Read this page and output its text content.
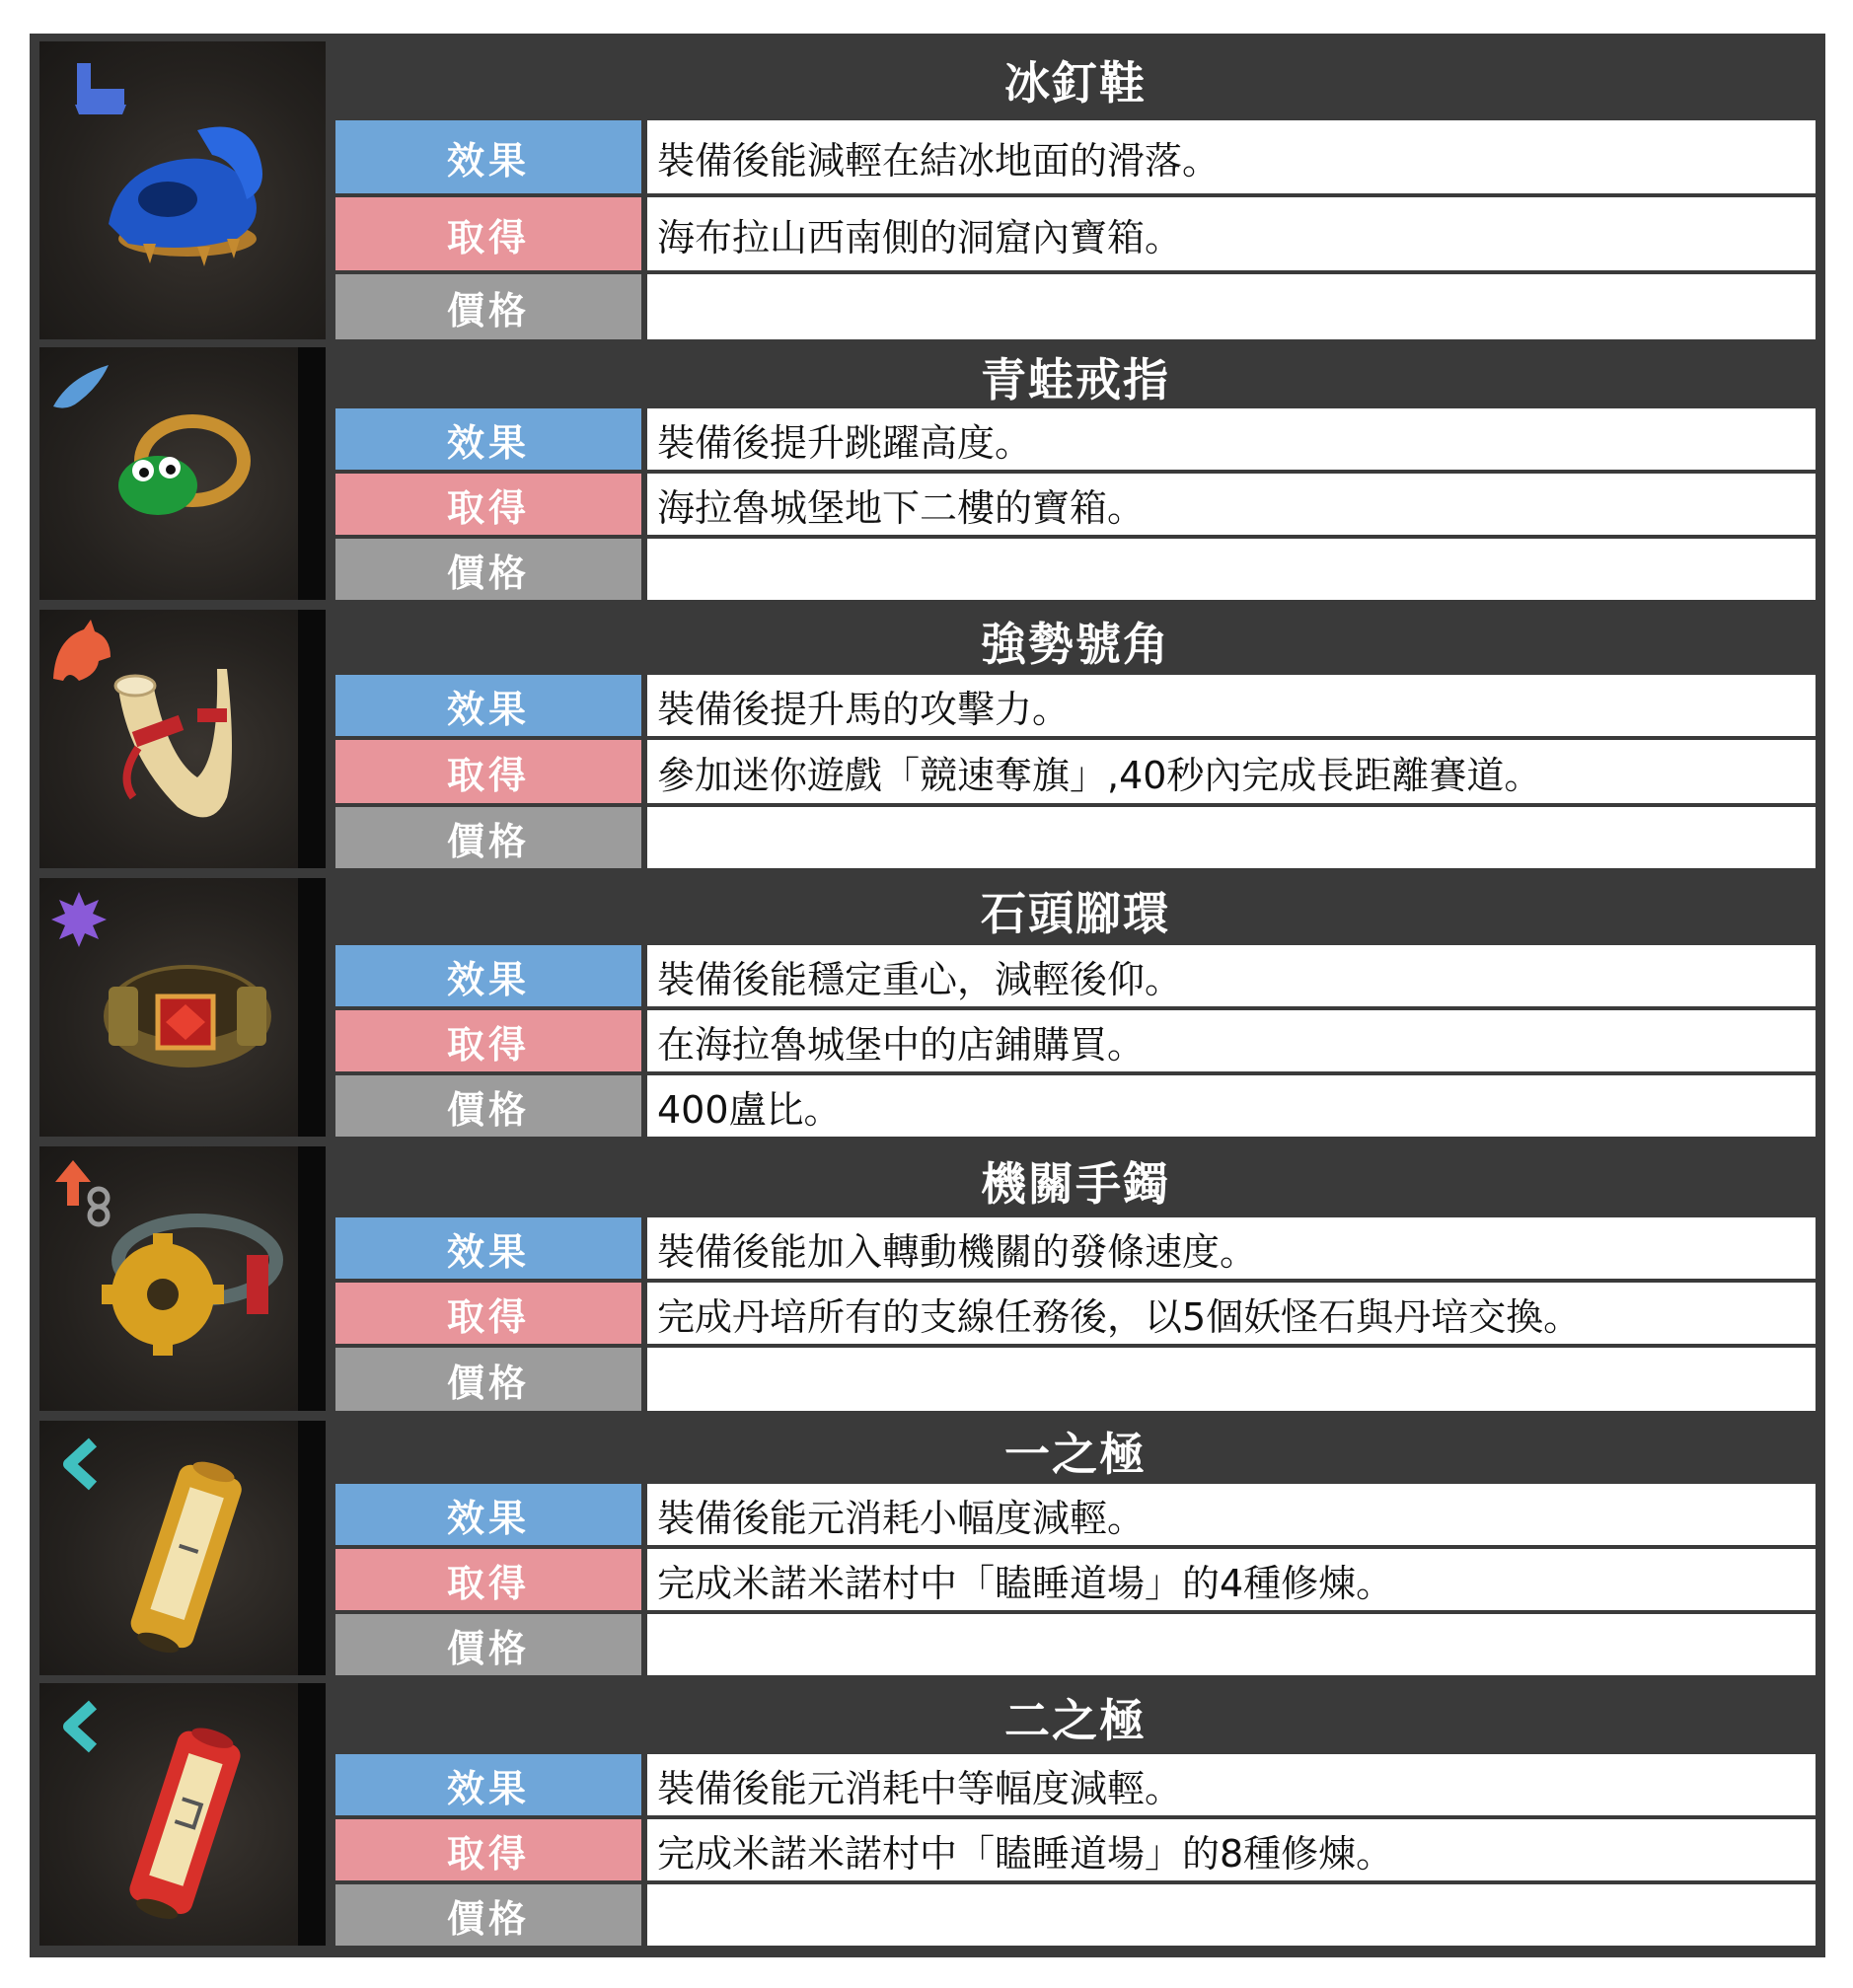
冰釘鞋
效果	裝備後能減輕在結冰地面的滑落。
取得	海布拉山西南側的洞窟內寶箱。
價格
青蛙戒指
效果	裝備後提升跳躍高度。
取得	海拉魯城堡地下二樓的寶箱。
價格
強勢號角
效果	裝備後提升馬的攻擊力。
取得	參加迷你遊戲「競速奪旗」,40秒內完成長距離賽道。
價格
石頭腳環
效果	裝備後能穩定重心，減輕後仰。
取得	在海拉魯城堡中的店鋪購買。
價格	400盧比。
機關手鐲
效果	裝備後能加入轉動機關的發條速度。
取得	完成丹培所有的支線任務後，以5個妖怪石與丹培交換。
價格
一之極
效果	裝備後能元消耗小幅度減輕。
取得	完成米諾米諾村中「瞌睡道場」的4種修煉。
價格
二之極
效果	裝備後能元消耗中等幅度減輕。
取得	完成米諾米諾村中「瞌睡道場」的8種修煉。
價格
